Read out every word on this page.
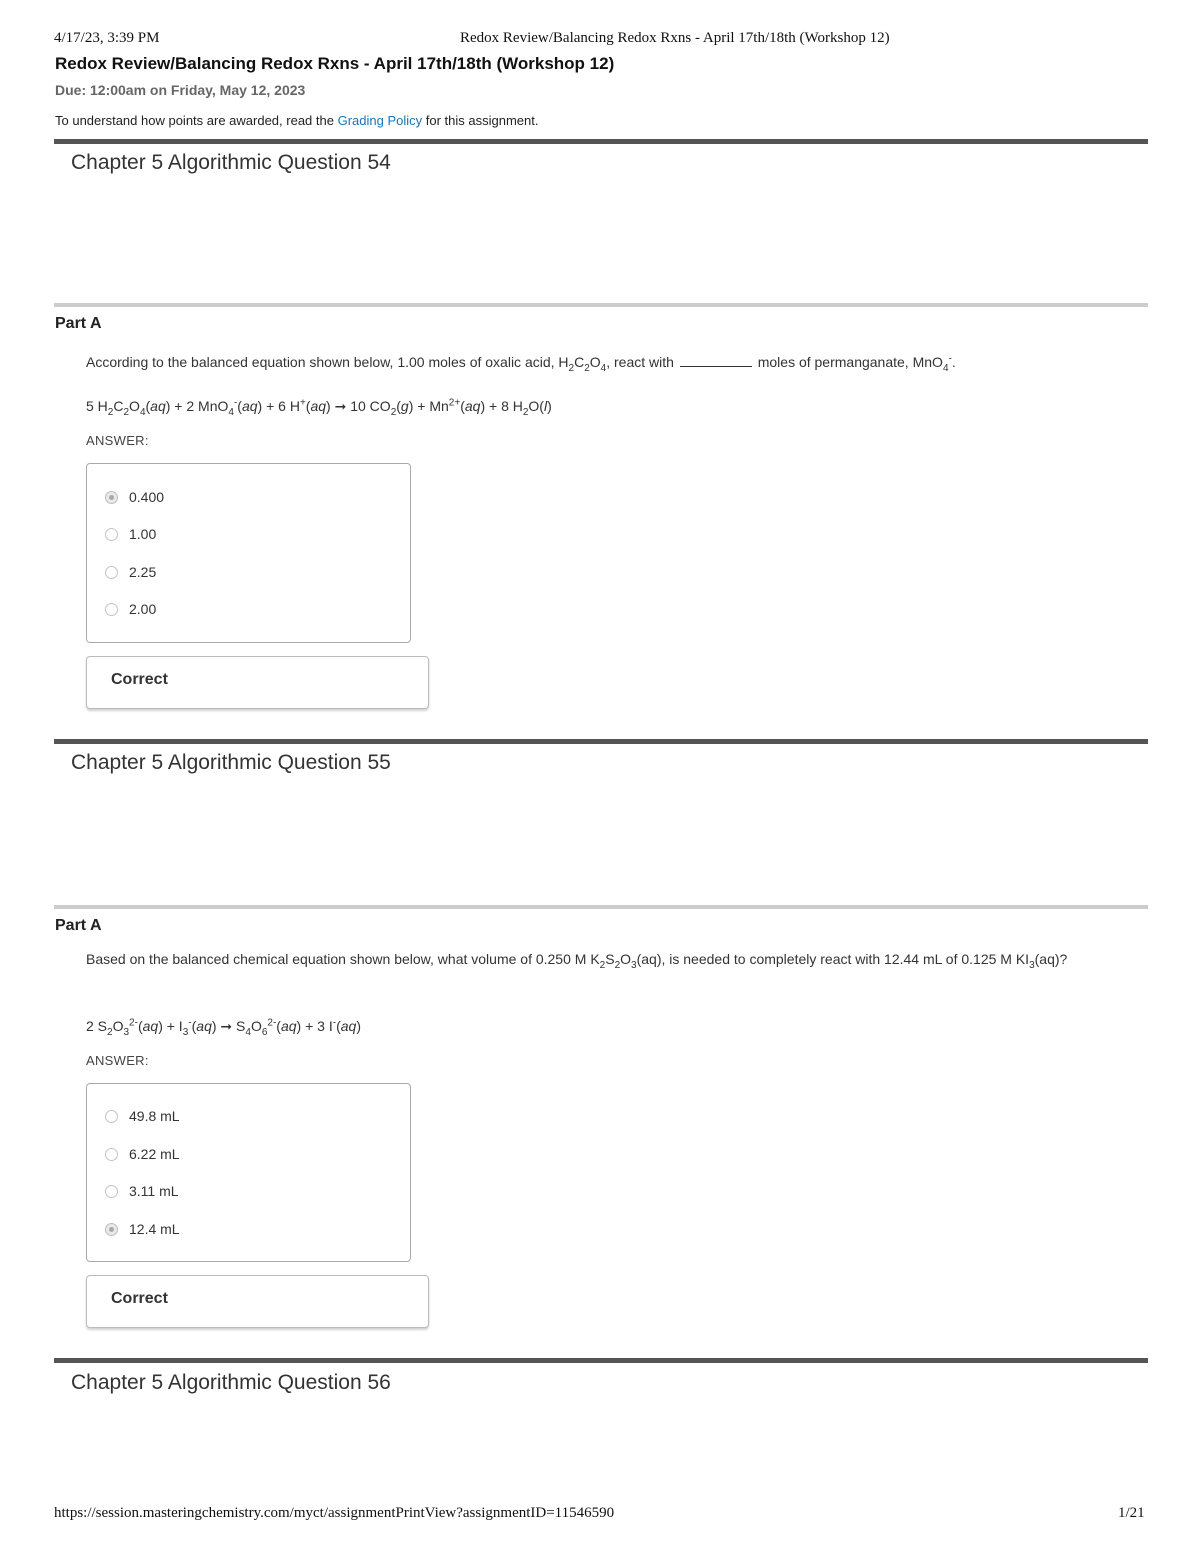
4/17/23, 3:39 PM	Redox Review/Balancing Redox Rxns - April 17th/18th (Workshop 12)
Redox Review/Balancing Redox Rxns - April 17th/18th (Workshop 12)
Due: 12:00am on Friday, May 12, 2023
To understand how points are awarded, read the Grading Policy for this assignment.
Chapter 5 Algorithmic Question 54
Part A
According to the balanced equation shown below, 1.00 moles of oxalic acid, $H_2C_2O_4$, react with	moles of permanganate, MnO$_4$-.
5 $H_2C_2O_4(aq) + 2$ MnO$_4$-(aq) + 6 H+(aq) ➞ 10 $CO_2(g) + Mn^{2+}(aq) + 8$ $H_2O(l)$
ANSWER:
0.400
1.00
2.25
2.00
Correct
Chapter 5 Algorithmic Question 55
Part A
Based on the balanced chemical equation shown below, what volume of 0.250 M $K_2S_2O_3(aq)$, is needed to completely react with 12.44 mL of 0.125 M $KI_3(aq)$?
2 $S_2O_3^{2-}(aq) + I_3^-(aq)$ ➞ $S_4O_6^{2-}(aq) + 3$ I-(aq)
ANSWER:
49.8 mL
6.22 mL
3.11 mL
12.4 mL
Correct
Chapter 5 Algorithmic Question 56
https://session.masteringchemistry.com/myct/assignmentPrintView?assignmentID=11546590	1/21
